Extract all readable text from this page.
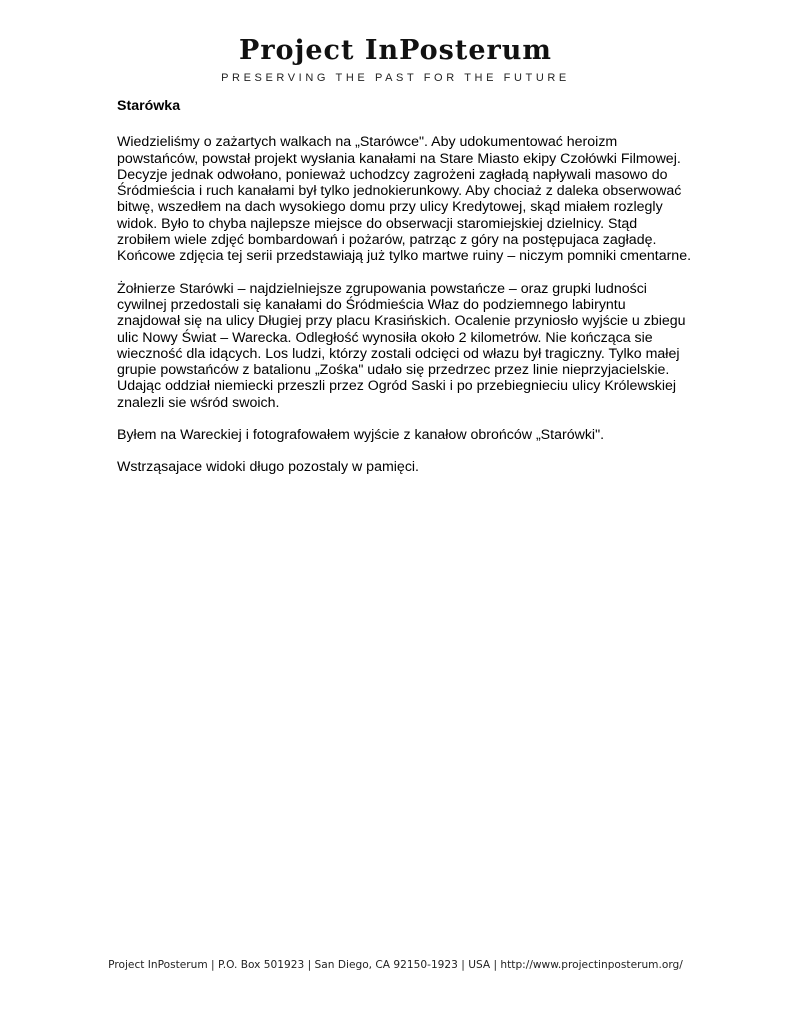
Project InPosterum
PRESERVING THE PAST FOR THE FUTURE
Starówka

Wiedzieliśmy o zażartych walkach na „Starówce". Aby udokumentować heroizm powstańców, powstał projekt wysłania kanałami na Stare Miasto ekipy Czołówki Filmowej. Decyzje jednak odwołano, ponieważ uchodzcy zagrożeni zagładą napływali masowo do Śródmieścia i ruch kanałami był tylko jednokierunkowy. Aby chociaż z daleka obserwować bitwę, wszedłem na dach wysokiego domu przy ulicy Kredytowej, skąd miałem rozlegly widok. Było to chyba najlepsze miejsce do obserwacji staromiejskiej dzielnicy. Stąd zrobiłem wiele zdjęć bombardowań i pożarów, patrząc z góry na postępujaca zagładę. Końcowe zdjęcia tej serii przedstawiają już tylko martwe ruiny – niczym pomniki cmentarne.

Żołnierze Starówki – najdzielniejsze zgrupowania powstańcze – oraz grupki ludności cywilnej przedostali się kanałami do Śródmieścia Właz do podziemnego labiryntu znajdował się na ulicy Długiej przy placu Krasińskich. Ocalenie przyniosło wyjście u zbiegu ulic Nowy Świat – Warecka. Odległość wynosiła około 2 kilometrów. Nie kończąca sie wieczność dla idących. Los ludzi, którzy zostali odcięci od włazu był tragiczny. Tylko małej grupie powstańców z batalionu „Zośka" udało się przedrzec przez linie nieprzyjacielskie. Udając oddział niemiecki przeszli przez Ogród Saski i po przebiegnieciu ulicy Królewskiej znalezli sie wśród swoich.

Byłem na Wareckiej i fotografowałem wyjście z kanałow obrońców „Starówki".

Wstrząsajace widoki długo pozostaly w pamięci.

Project InPosterum | P.O. Box 501923 | San Diego, CA 92150-1923 | USA | http://www.projectinposterum.org/
